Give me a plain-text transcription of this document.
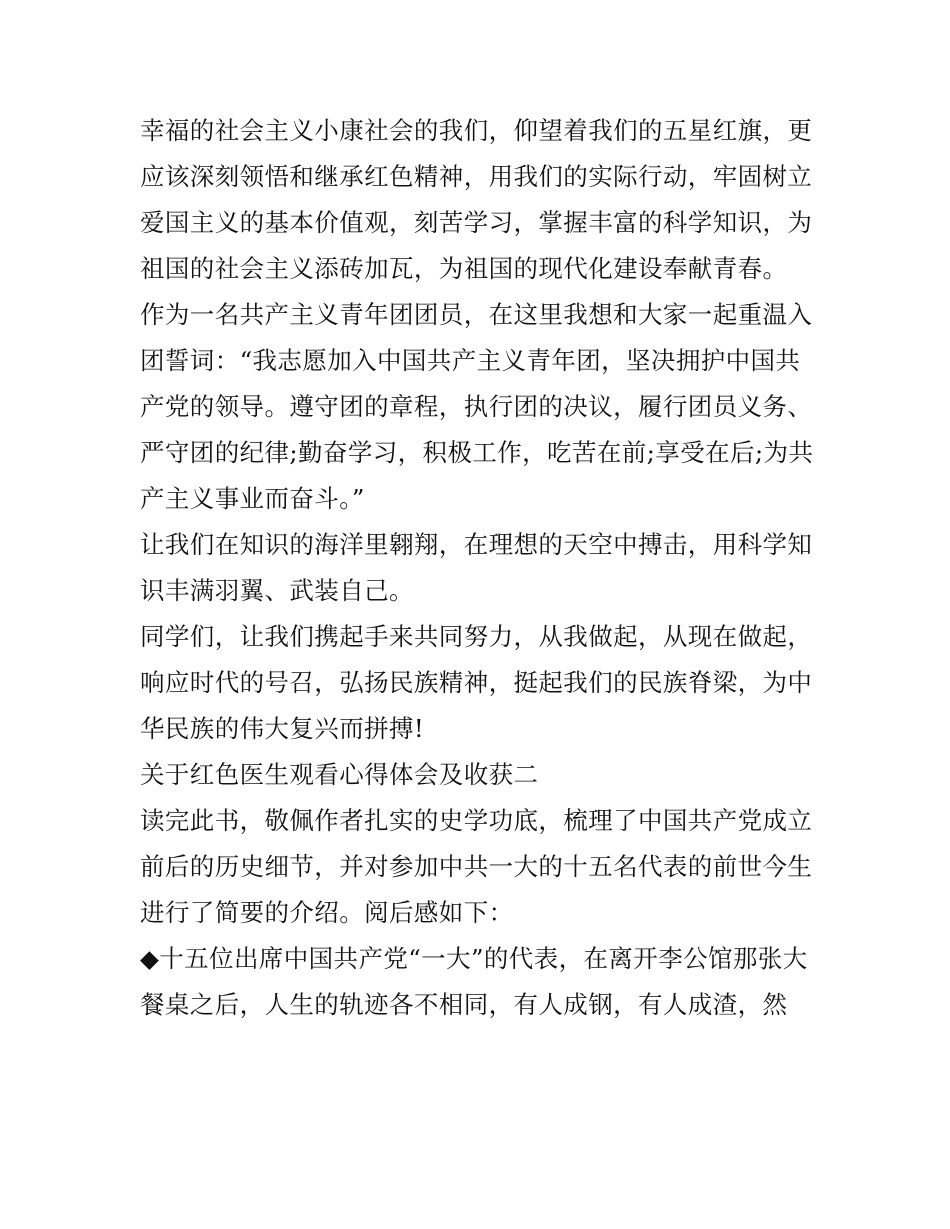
幸福的社会主义小康社会的我们，仰望着我们的五星红旗，更
应该深刻领悟和继承红色精神，用我们的实际行动，牢固树立
爱国主义的基本价值观，刻苦学习，掌握丰富的科学知识，为
祖国的社会主义添砖加瓦，为祖国的现代化建设奉献青春。
作为一名共产主义青年团团员，在这里我想和大家一起重温入
团誓词：“我志愿加入中国共产主义青年团，坚决拥护中国共
产党的领导。遵守团的章程，执行团的决议，履行团员义务、
严守团的纪律;勤奋学习，积极工作，吃苦在前;享受在后;为共
产主义事业而奋斗。”
让我们在知识的海洋里翱翔，在理想的天空中搏击，用科学知
识丰满羽翼、武装自己。
同学们，让我们携起手来共同努力，从我做起，从现在做起，
响应时代的号召，弘扬民族精神，挺起我们的民族脊梁，为中
华民族的伟大复兴而拼搏!
关于红色医生观看心得体会及收获二
读完此书，敬佩作者扎实的史学功底，梳理了中国共产党成立
前后的历史细节，并对参加中共一大的十五名代表的前世今生
进行了简要的介绍。阅后感如下：
◆十五位出席中国共产党“一大”的代表，在离开李公馆那张大
餐桌之后，人生的轨迹各不相同，有人成钢，有人成渣，然
